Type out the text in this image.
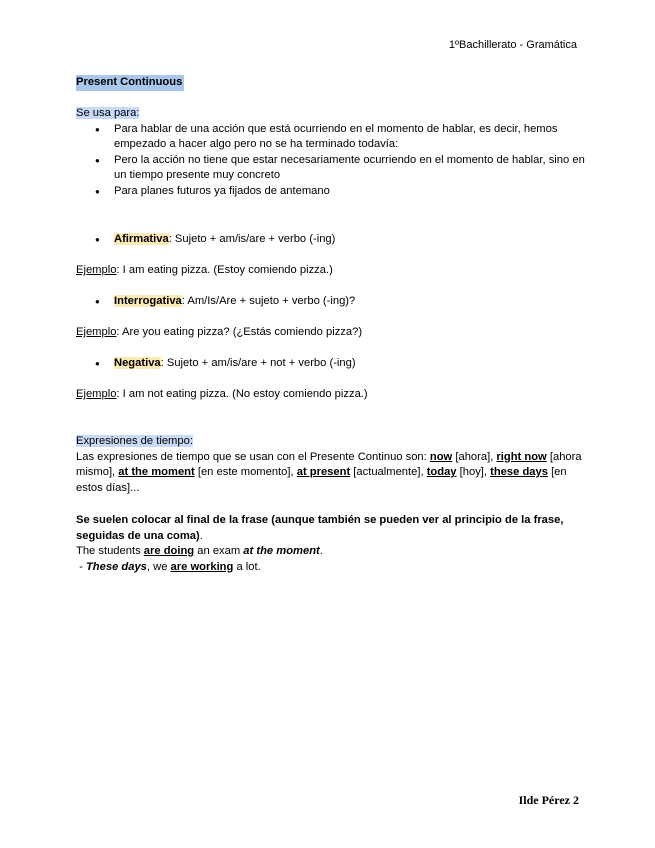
1ºBachillerato - Gramática
Present Continuous
Se usa para:
● Para hablar de una acción que está ocurriendo en el momento de hablar, es decir, hemos empezado a hacer algo pero no se ha terminado todavía:
● Pero la acción no tiene que estar necesariamente ocurriendo en el momento de hablar, sino en un tiempo presente muy concreto
● Para planes futuros ya fijados de antemano
● Afirmativa: Sujeto + am/is/are + verbo (-ing)
Ejemplo: I am eating pizza. (Estoy comiendo pizza.)
● Interrogativa: Am/Is/Are + sujeto + verbo (-ing)?
Ejemplo: Are you eating pizza? (¿Estás comiendo pizza?)
● Negativa: Sujeto + am/is/are + not + verbo (-ing)
Ejemplo: I am not eating pizza. (No estoy comiendo pizza.)
Expresiones de tiempo:
Las expresiones de tiempo que se usan con el Presente Continuo son: now [ahora], right now [ahora mismo], at the moment [en este momento], at present [actualmente], today [hoy], these days [en estos días]...
Se suelen colocar al final de la frase (aunque también se pueden ver al principio de la frase, seguidas de una coma).
The students are doing an exam at the moment.
- These days, we are working a lot.
Ilde Pérez 2
